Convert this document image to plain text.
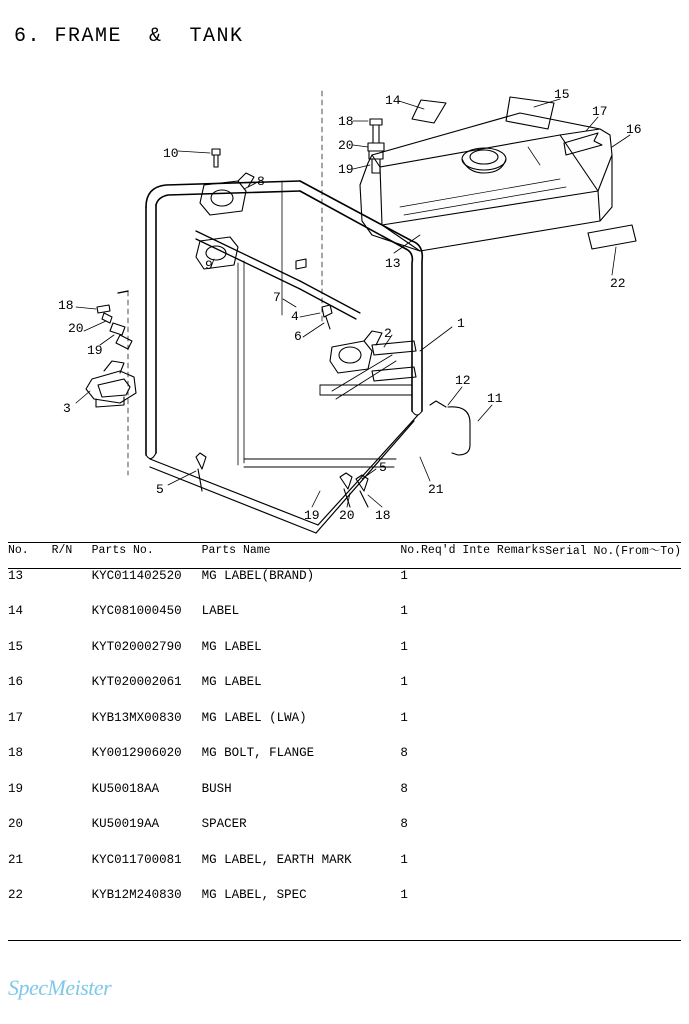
6. FRAME  &  TANK
10
8
9
18
20
19
14	15
17
16
13
22
18
20
19
3
7
4
6	2
1
12
11
5
5
21
19 20 18
No.	R/N	Parts No.	Parts Name	No.Req'd Inte Remarks	Serial No.(From～To)
13		KYC011402520	MG LABEL(BRAND)	1	
14		KYC081000450	LABEL	1	
15		KYT020002790	MG LABEL	1	
16		KYT020002061	MG LABEL	1	
17		KYB13MX00830	MG LABEL (LWA)	1	
18		KY0012906020	MG BOLT, FLANGE	8	
19		KU50018AA	BUSH	8	
20		KU50019AA	SPACER	8	
21		KYC011700081	MG LABEL, EARTH MARK	1	
22		KYB12M240830	MG LABEL, SPEC	1	
SpecMeister
